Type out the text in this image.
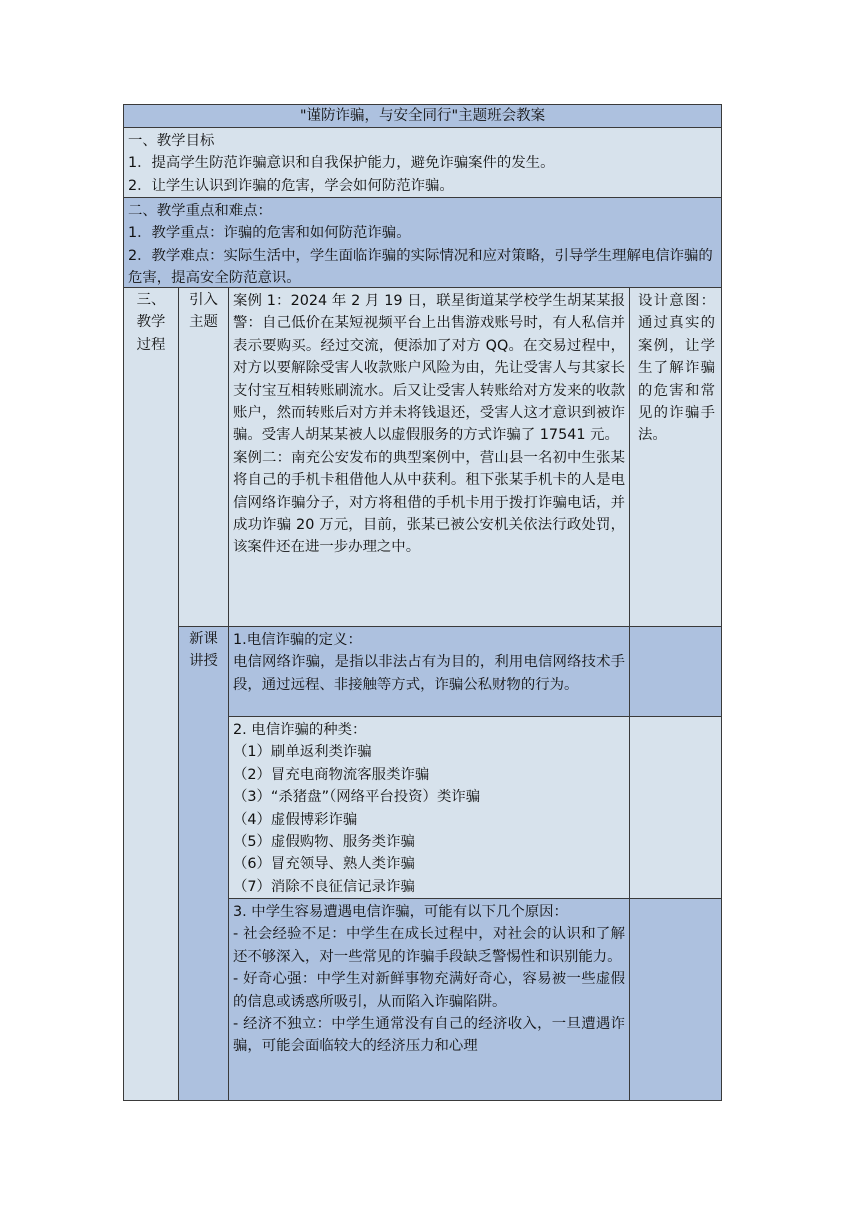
"谨防诈骗，与安全同行"主题班会教案

一、教学目标

1．提高学生防范诈骗意识和自我保护能力，避免诈骗案件的发生。

2．让学生认识到诈骗的危害，学会如何防范诈骗。

二、教学重点和难点：

1．教学重点：诈骗的危害和如何防范诈骗。

2．教学难点：实际生活中，学生面临诈骗的实际情况和应对策略，引导学生理解电信诈骗的危害，提高安全防范意识。

三、
教学
过程
引入
主题

案例 1：2024 年 2 月 19 日，联星街道某学校学生胡某某报警：自己低价在某短视频平台上出售游戏账号时，有人私信并表示要购买。经过交流，便添加了对方 QQ。在交易过程中，对方以要解除受害人收款账户风险为由，先让受害人与其家长支付宝互相转账刷流水。后又让受害人转账给对方发来的收款账户，然而转账后对方并未将钱退还，受害人这才意识到被诈骗。受害人胡某某被人以虚假服务的方式诈骗了 17541 元。

案例二：南充公安发布的典型案例中，营山县一名初中生张某将自己的手机卡租借他人从中获利。租下张某手机卡的人是电信网络诈骗分子，对方将租借的手机卡用于拨打诈骗电话，并成功诈骗 20 万元，目前，张某已被公安机关依法行政处罚，该案件还在进一步办理之中。

设计意图：通过真实的案例，让学生了解诈骗的危害和常见的诈骗手法。

新课
讲授

1.电信诈骗的定义：

电信网络诈骗，是指以非法占有为目的，利用电信网络技术手段，通过远程、非接触等方式，诈骗公私财物的行为。

2. 电信诈骗的种类：

（1）刷单返利类诈骗

（2）冒充电商物流客服类诈骗

（3）“杀猪盘”（网络平台投资）类诈骗

（4）虚假博彩诈骗

（5）虚假购物、服务类诈骗

（6）冒充领导、熟人类诈骗

（7）消除不良征信记录诈骗

3. 中学生容易遭遇电信诈骗，可能有以下几个原因：

- 社会经验不足：中学生在成长过程中，对社会的认识和了解还不够深入，对一些常见的诈骗手段缺乏警惕性和识别能力。

- 好奇心强：中学生对新鲜事物充满好奇心，容易被一些虚假的信息或诱惑所吸引，从而陷入诈骗陷阱。

- 经济不独立：中学生通常没有自己的经济收入，一旦遭遇诈骗，可能会面临较大的经济压力和心理
